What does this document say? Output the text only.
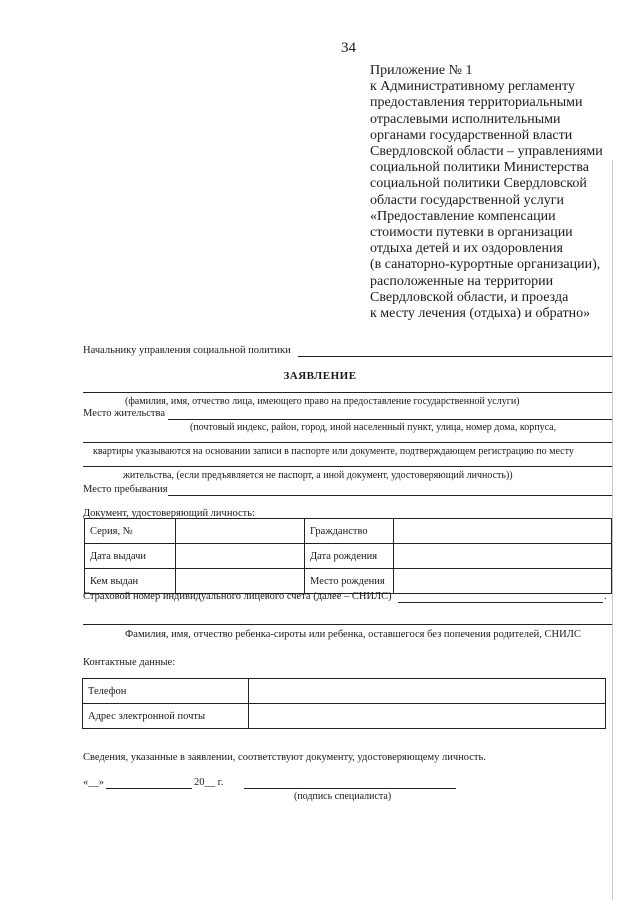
34
Приложение № 1
к Административному регламенту
предоставления территориальными
отраслевыми исполнительными
органами государственной власти
Свердловской области – управлениями
социальной политики Министерства
социальной политики Свердловской
области государственной услуги
«Предоставление компенсации
стоимости путевки в организации
отдыха детей и их оздоровления
(в санаторно-курортные организации),
расположенные на территории
Свердловской области, и проезда
к месту лечения (отдыха) и обратно»
Начальнику управления социальной политики
ЗАЯВЛЕНИЕ
(фамилия, имя, отчество лица, имеющего право на предоставление государственной услуги)
Место жительства
(почтовый индекс, район, город, иной населенный пункт, улица, номер дома, корпуса,
квартиры указываются на основании записи в паспорте или документе, подтверждающем регистрацию по месту
жительства, (если предъявляется не паспорт, а иной документ, удостоверяющий личность))
Место пребывания
Документ, удостоверяющий личность:
Серия, №		Гражданство	
Дата выдачи		Дата рождения	
Кем выдан		Место рождения	
Страховой номер индивидуального лицевого счета (далее – СНИЛС)	.
Фамилия, имя, отчество ребенка-сироты или ребенка, оставшегося без попечения родителей, СНИЛС
Контактные данные:
Телефон	
Адрес электронной почты	
Сведения, указанные в заявлении, соответствуют документу, удостоверяющему личность.
«__»	20__ г.
(подпись специалиста)
